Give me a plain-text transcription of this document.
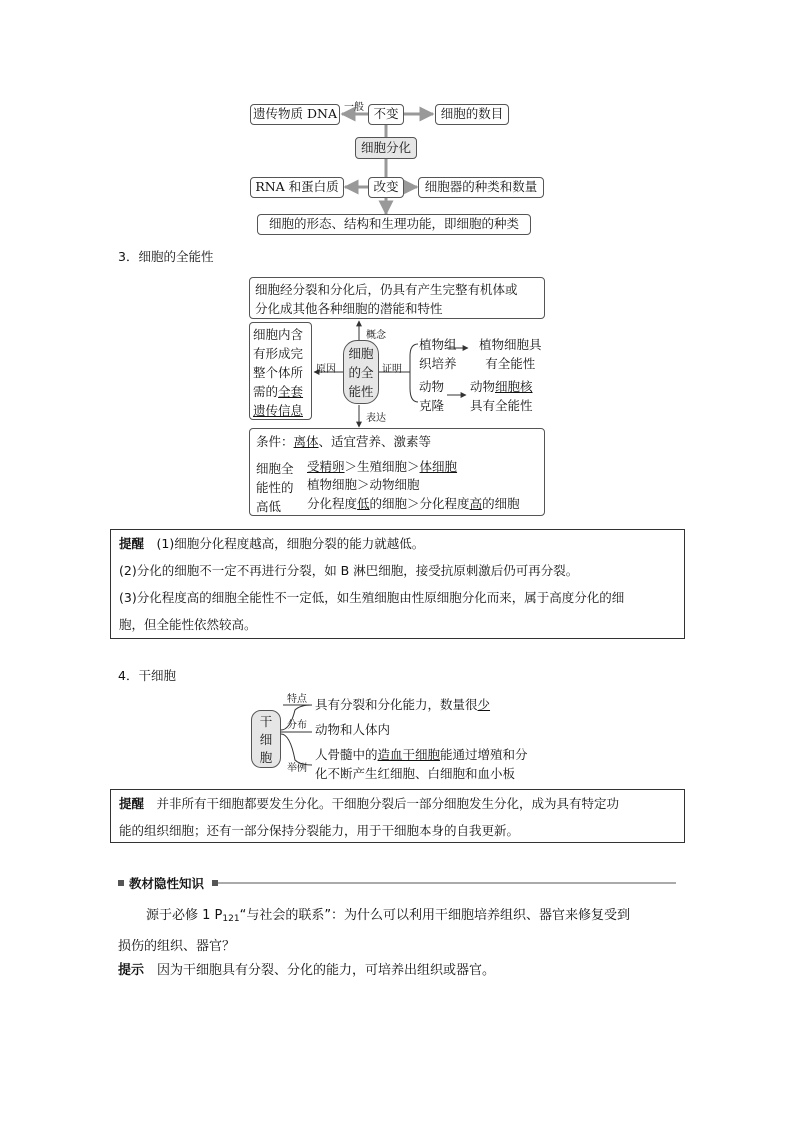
遗传物质 DNA 一般 不变	细胞的数目
细胞分化
RNA 和蛋白质	改变	细胞器的种类和数量
细胞的形态、结构和生理功能，即细胞的种类
3．细胞的全能性
细胞经分裂和分化后，仍具有产生完整有机体或
分化成其他各种细胞的潜能和特性
概念
细胞内含
有形成完
整个体所
需的全套
遗传信息
原因
细胞
的全
能性
证明
植物组
织培养
植物细胞具
有全能性
动物
克隆
动物细胞核
具有全能性
表达
条件：离体、适宜营养、激素等
细胞全
能性的
高低
受精卵＞生殖细胞＞体细胞
植物细胞＞动物细胞
分化程度低的细胞＞分化程度高的细胞
提醒　(1)细胞分化程度越高，细胞分裂的能力就越低。
(2)分化的细胞不一定不再进行分裂，如 B 淋巴细胞，接受抗原刺激后仍可再分裂。
(3)分化程度高的细胞全能性不一定低，如生殖细胞由性原细胞分化而来，属于高度分化的细
胞，但全能性依然较高。
4．干细胞
干
细
胞
特点 具有分裂和分化能力，数量很少
分布 动物和人体内
举例
人骨髓中的造血干细胞能通过增殖和分
化不断产生红细胞、白细胞和血小板
提醒　并非所有干细胞都要发生分化。干细胞分裂后一部分细胞发生分化，成为具有特定功
能的组织细胞；还有一部分保持分裂能力，用于干细胞本身的自我更新。
教材隐性知识
源于必修 1 P121“与社会的联系”：为什么可以利用干细胞培养组织、器官来修复受到
损伤的组织、器官？
提示　因为干细胞具有分裂、分化的能力，可培养出组织或器官。
